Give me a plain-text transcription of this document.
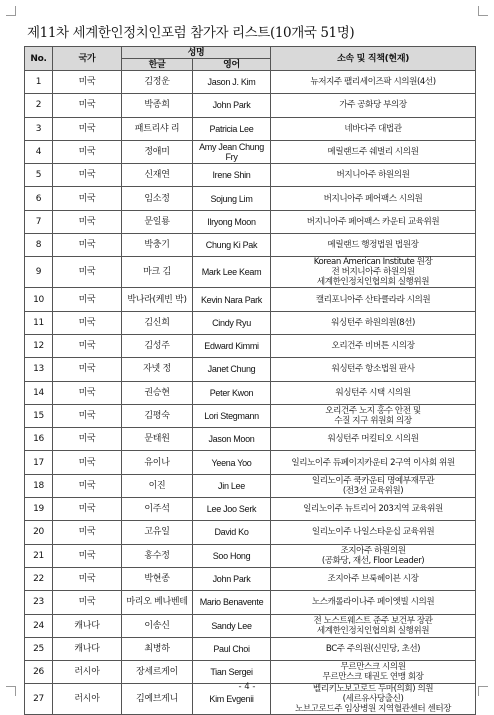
제11차 세계한인정치인포럼 참가자 리스트(10개국 51명)
No.	국가	성명		소속 및 직책(현재)
		한글	영어	
1	미국	김정운	Jason J. Kim	뉴저지주 팰리세이즈팍 시의원(4선)

2	미국	박종희	John Park	가주 공화당 부의장

3	미국	패트리샤 리	Patricia Lee	네바다주 대법관

4	미국	정애미	Amy Jean Chung Fry	메릴랜드주 쉐벌리 시의원

5	미국	신재연	Irene Shin	버지니아주 하원의원

6	미국	임소정	Sojung Lim	버지니아주 페어팩스 시의원

7	미국	문일룡	Ilryong Moon	버지니아주 페어팩스 카운티 교육위원

8	미국	박충기	Chung Ki Pak	메릴랜드 행정법원 법원장

9	미국	마크 김	Mark Lee Keam	Korean American Institute 원장
전 버지니아주 하원의원
세계한인정치인협의회 실행위원

10	미국	박나라(케빈 박)	Kevin Nara Park	캘리포니아주 산타클라라 시의원

11	미국	김신희	Cindy Ryu	워싱턴주 하원의원(8선)

12	미국	김성주	Edward Kimmi	오리건주 비버튼 시의장

13	미국	자넷 정	Janet Chung	워싱턴주 항소법원 판사

14	미국	권승현	Peter Kwon	워싱턴주 시택 시의원

15	미국	김평숙	Lori Stegmann	오리건주 노지 홍수 안전 및
수질 지구 위원회 의장

16	미국	문태원	Jason Moon	워싱턴주 머킬티오 시의원

17	미국	유이나	Yeena Yoo	일리노이주 듀페이지카운티 2구역 이사회 위원

18	미국	이진	Jin Lee	일리노이주 쿡카운티 명예부재무관
(전3선 교육위원)

19	미국	이주석	Lee Joo Serk	일리노이주 뉴트리어 203지역 교육위원

20	미국	고유일	David Ko	일리노이주 나일스타운십 교육위원

21	미국	홍수정	Soo Hong	조지아주 하원의원
(공화당, 재선, Floor Leader)

22	미국	박현종	John Park	조지아주 브룩헤이븐 시장

23	미국	마리오 베나벤테	Mario Benavente	노스캐롤라이나주 페이엣빌 시의원

24	캐나다	이송신	Sandy Lee	전 노스트웨스트 준주 보건부 장관
세계한인정치인협의회 실행위원

25	캐나다	최병하	Paul Choi	BC주 주의원(신민당, 초선)

26	러시아	장세르게이	Tian Sergei	무르만스크 시의원
무르만스크 태권도 연맹 회장

27	러시아	김예브게니	Kim Evgenii	벨리키노보고로드 두마(의회) 의원
(세르유사당출신)
노브고로드주 임상병원 지역혈관센터 센터장
- 4 -
